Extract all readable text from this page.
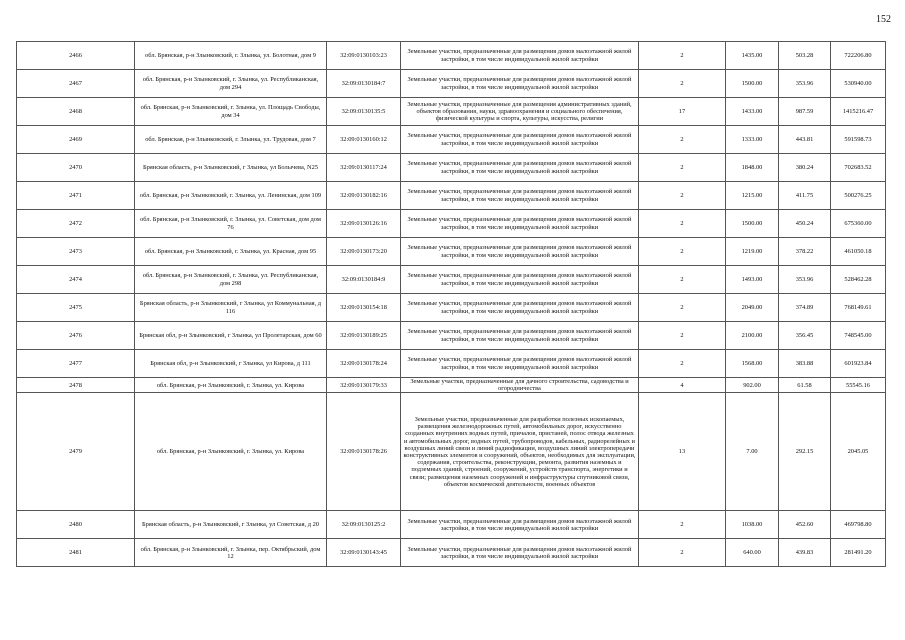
152
2466	обл. Брянская, р-н Злынковский, г. Злынка, ул. Болотная, дом 9	32:09:0130103:23	Земельные участки, предназначенные для размещения домов малоэтажной жилой застройки, в том числе индивидуальной жилой застройки	2	1435.00	503.28	722206.80
2467	обл. Брянская, р-н Злынковский, г. Злынка, ул. Республиканская, дом 294	32:09:0130184:7	Земельные участки, предназначенные для размещения домов малоэтажной жилой застройки, в том числе индивидуальной жилой застройки	2	1500.00	353.96	530940.00
2468	обл. Брянская, р-н Злынковский, г. Злынка, ул. Площадь Свободы, дом 34	32:09:0130135:5	Земельные участки, предназначенные для размещения административных зданий, объектов образования, науки, здравоохранения и социального обеспечения, физической культуры и спорта, культуры, искусства, религии	17	1433.00	987.59	1415216.47
2469	обл. Брянская, р-н Злынковский, г. Злынка, ул. Трудовая, дом 7	32:09:0130160:12	Земельные участки, предназначенные для размещения домов малоэтажной жилой застройки, в том числе индивидуальной жилой застройки	2	1333.00	443.81	591598.73
2470	Брянская область, р-н Злынковский, г Злынка, ул Болычева, N25	32:09:0130117:24	Земельные участки, предназначенные для размещения домов малоэтажной жилой застройки, в том числе индивидуальной жилой застройки	2	1848.00	380.24	702683.52
2471	обл. Брянская, р-н Злынковский, г. Злынка, ул. Ленинская, дом 109	32:09:0130182:16	Земельные участки, предназначенные для размещения домов малоэтажной жилой застройки, в том числе индивидуальной жилой застройки	2	1215.00	411.75	500276.25
2472	обл. Брянская, р-н Злынковский, г. Злынка, ул. Советская, дом дом 76	32:09:0130126:16	Земельные участки, предназначенные для размещения домов малоэтажной жилой застройки, в том числе индивидуальной жилой застройки	2	1500.00	450.24	675360.00
2473	обл. Брянская, р-н Злынковский, г. Злынка, ул. Красная, дом 95	32:09:0130173:20	Земельные участки, предназначенные для размещения домов малоэтажной жилой застройки, в том числе индивидуальной жилой застройки	2	1219.00	378.22	461050.18
2474	обл. Брянская, р-н Злынковский, г. Злынка, ул. Республиканская, дом 298	32:09:0130184:9	Земельные участки, предназначенные для размещения домов малоэтажной жилой застройки, в том числе индивидуальной жилой застройки	2	1493.00	353.96	528462.28
2475	Брянская область, р-н Злынковский, г Злынка, ул Коммунальная, д 116	32:09:0130154:18	Земельные участки, предназначенные для размещения домов малоэтажной жилой застройки, в том числе индивидуальной жилой застройки	2	2049.00	374.89	768149.61
2476	Брянская обл, р-н Злынковский, г Злынка, ул Пролетарская, дом 60	32:09:0130189:25	Земельные участки, предназначенные для размещения домов малоэтажной жилой застройки, в том числе индивидуальной жилой застройки	2	2100.00	356.45	748545.00
2477	Брянская обл, р-н Злынковский, г Злынка, ул Кирова, д 111	32:09:0130178:24	Земельные участки, предназначенные для размещения домов малоэтажной жилой застройки, в том числе индивидуальной жилой застройки	2	1568.00	383.88	601923.84
2478	обл. Брянская, р-н Злынковский, г. Злынка, ул. Кирова	32:09:0130179:33	Земельные участки, предназначенные для дачного строительства, садоводства и огородничества	4	902.00	61.58	55545.16
2479	обл. Брянская, р-н Злынковский, г. Злынка, ул. Кирова	32:09:0130178:26	Земельные участки, предназначенные для разработки полезных ископаемых, размещения железнодорожных путей, автомобильных дорог, искусственно созданных внутренних водных путей, причалов, пристаней, полос отвода железных и автомобильных дорог, водных путей, трубопроводов, кабельных, радиорелейных и воздушных линий связи и линий радиофикации, воздушных линий электропередачи конструктивных элементов и сооружений, объектов, необходимых для эксплуатации, содержания, строительства, реконструкции, ремонта, развития наземных и подземных зданий, строений, сооружений, устройств транспорта, энергетики и связи; размещения наземных сооружений и инфраструктуры спутниковой связи, объектов космической деятельности, военных объектов	13	7.00	292.15	2045.05
2480	Брянская область, р-н Злынковский, г Злынка, ул Советская, д 20	32:09:0130125:2	Земельные участки, предназначенные для размещения домов малоэтажной жилой застройки, в том числе индивидуальной жилой застройки	2	1038.00	452.60	469798.80
2481	обл. Брянская, р-н Злынковский, г. Злынка, пер. Октябрьский, дом 12	32:09:0130143:45	Земельные участки, предназначенные для размещения домов малоэтажной жилой застройки, в том числе индивидуальной жилой застройки	2	640.00	439.83	281491.20
